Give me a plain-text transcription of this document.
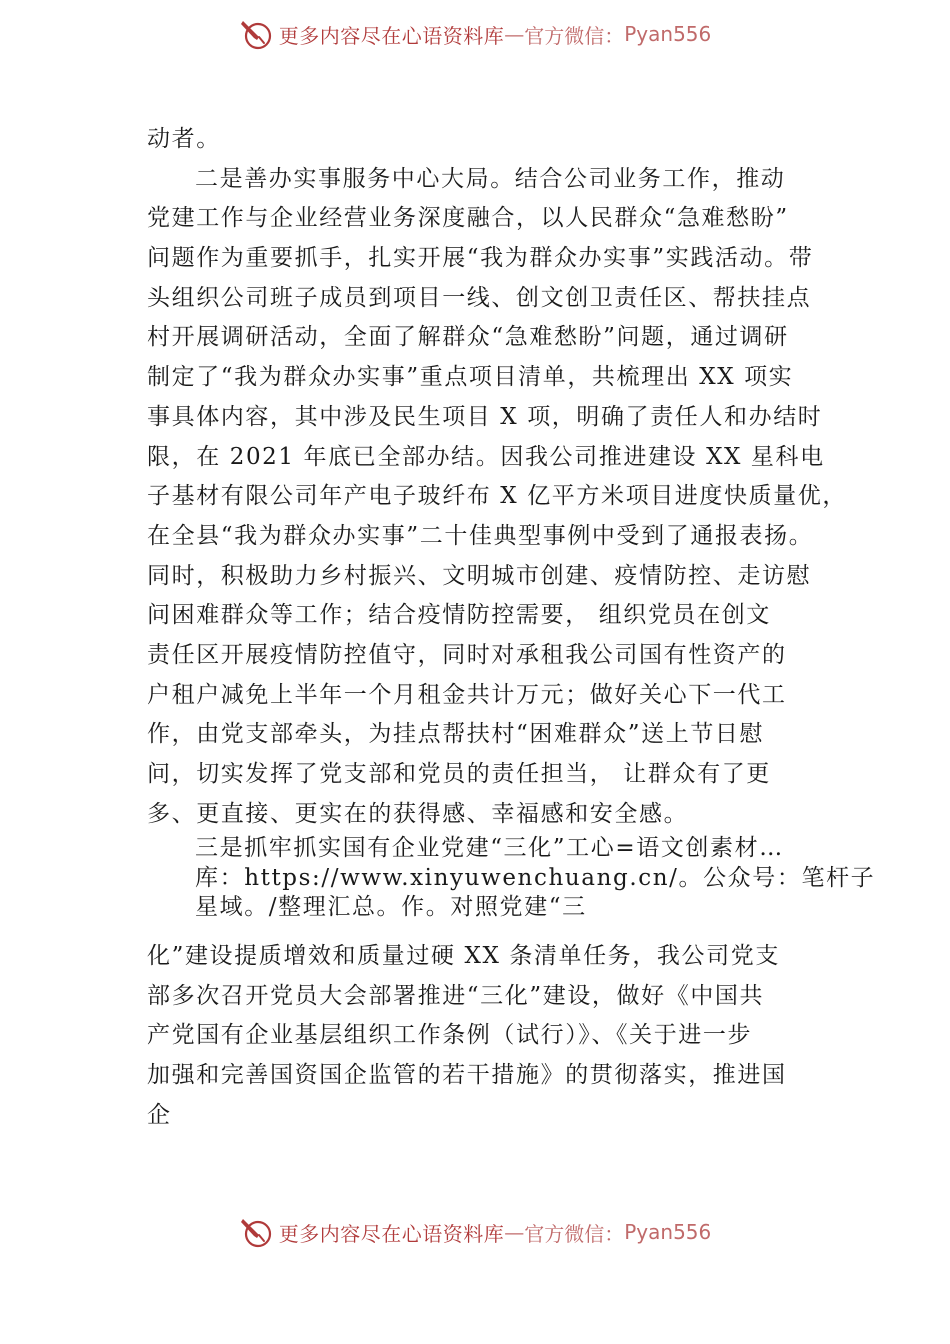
更多内容尽在心语资料库 — 官方微信： Pyan556
动者。
二是善办实事服务中心大局。结合公司业务工作，推动
党建工作与企业经营业务深度融合，以人民群众“急难愁盼”
问题作为重要抓手，扎实开展“我为群众办实事”实践活动。带
头组织公司班子成员到项目一线、创文创卫责任区、帮扶挂点
村开展调研活动，全面了解群众“急难愁盼”问题，通过调研
制定了“我为群众办实事”重点项目清单，共梳理出 XX 项实
事具体内容，其中涉及民生项目 X 项，明确了责任人和办结时
限，在 2021 年底已全部办结。因我公司推进建设 XX 星科电
子基材有限公司年产电子玻纤布 X 亿平方米项目进度快质量优，
在全县“我为群众办实事”二十佳典型事例中受到了通报表扬。
同时，积极助力乡村振兴、文明城市创建、疫情防控、走访慰
问困难群众等工作；结合疫情防控需要， 组织党员在创文
责任区开展疫情防控值守，同时对承租我公司国有性资产的
户租户减免上半年一个月租金共计万元；做好关心下一代工
作，由党支部牵头，为挂点帮扶村“困难群众”送上节日慰
问，切实发挥了党支部和党员的责任担当， 让群众有了更
多、更直接、更实在的获得感、幸福感和安全感。
三是抓牢抓实国有企业党建“三化”工心=语文创素材…
库：https://www.xinyuwenchuang.cn/。公众号：笔杆子
星域。/整理汇总。作。对照党建“三
化”建设提质增效和质量过硬 XX 条清单任务，我公司党支
部多次召开党员大会部署推进“三化”建设，做好《中国共
产党国有企业基层组织工作条例（试行）》、《关于进一步
加强和完善国资国企监管的若干措施》的贯彻落实，推进国
企
更多内容尽在心语资料库 — 官方微信： Pyan556
